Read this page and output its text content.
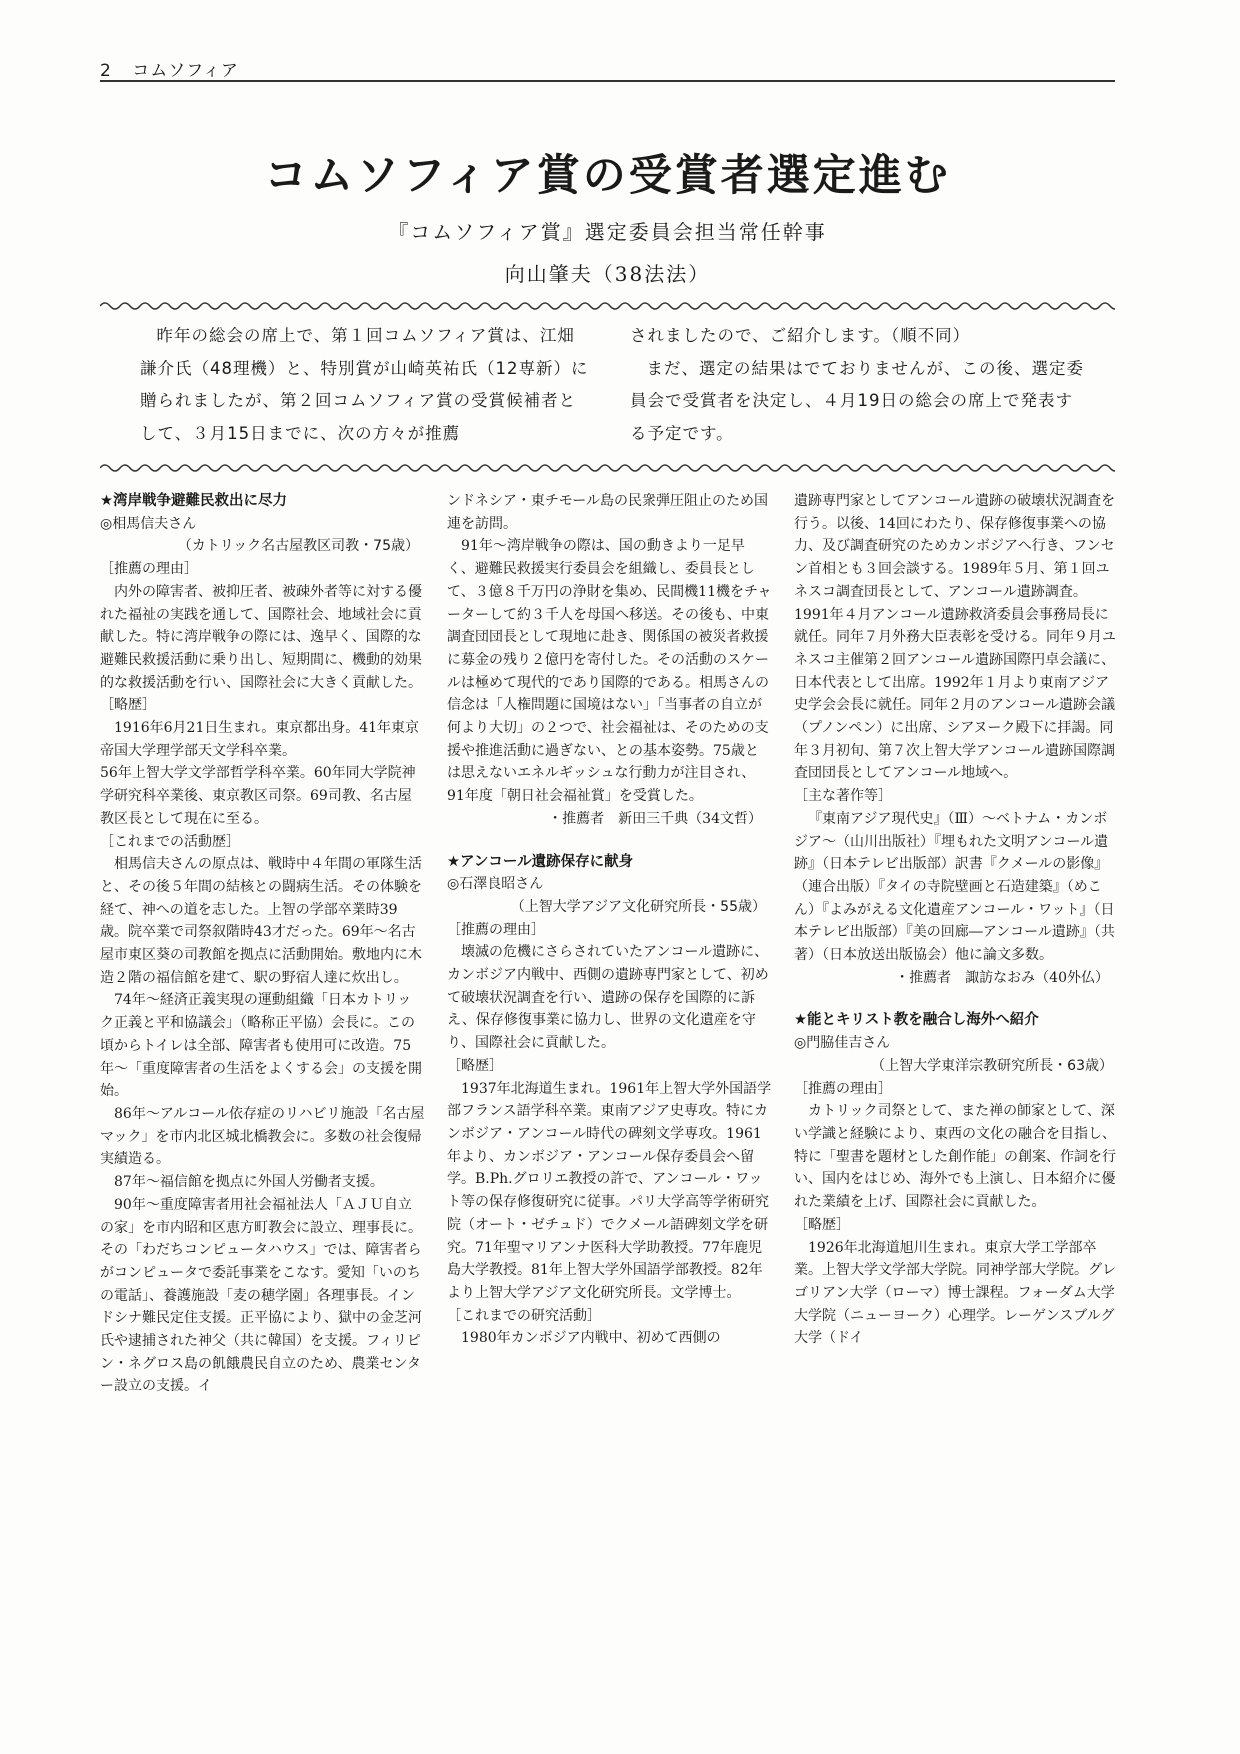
2 コムソフィア
コムソフィア賞の受賞者選定進む
『コムソフィア賞』選定委員会担当常任幹事
向山肇夫（38法法）

昨年の総会の席上で、第１回コムソフィア賞は、江畑謙介氏（48理機）と、特別賞が山崎英祐氏（12専新）に贈られましたが、第２回コムソフィア賞の受賞候補者として、３月15日までに、次の方々が推薦

されましたので、ご紹介します。（順不同）

まだ、選定の結果はでておりませんが、この後、選定委員会で受賞者を決定し、４月19日の総会の席上で発表する予定です。

★湾岸戦争避難民救出に尽力
◎相馬信夫さん
（カトリック名古屋教区司教・75歳）
［推薦の理由］

内外の障害者、被抑圧者、被疎外者等に対する優れた福祉の実践を通して、国際社会、地域社会に貢献した。特に湾岸戦争の際には、逸早く、国際的な避難民救援活動に乗り出し、短期間に、機動的効果的な救援活動を行い、国際社会に大きく貢献した。

［略歴］

1916年6月21日生まれ。東京都出身。41年東京帝国大学理学部天文学科卒業。

56年上智大学文学部哲学科卒業。60年同大学院神学研究科卒業後、東京教区司祭。69司教、名古屋教区長として現在に至る。

［これまでの活動歴］

相馬信夫さんの原点は、戦時中４年間の軍隊生活と、その後５年間の結核との闘病生活。その体験を経て、神への道を志した。上智の学部卒業時39歳。院卒業で司祭叙階時43才だった。69年～名古屋市東区葵の司教館を拠点に活動開始。敷地内に木造２階の福信館を建て、駅の野宿人達に炊出し。

74年～経済正義実現の運動組織「日本カトリック正義と平和協議会」（略称正平協）会長に。この頃からトイレは全部、障害者も使用可に改造。75年～「重度障害者の生活をよくする会」の支援を開始。

86年～アルコール依存症のリハビリ施設「名古屋マック」を市内北区城北橋教会に。多数の社会復帰実績造る。

87年～福信館を拠点に外国人労働者支援。

90年～重度障害者用社会福祉法人「ＡＪＵ自立の家」を市内昭和区恵方町教会に設立、理事長に。その「わだちコンピュータハウス」では、障害者らがコンピュータで委託事業をこなす。愛知「いのちの電話」、養護施設「麦の穂学園」各理事長。インドシナ難民定住支援。正平協により、獄中の金芝河氏や逮捕された神父（共に韓国）を支援。フィリピン・ネグロス島の飢餓農民自立のため、農業センター設立の支援。イ

ンドネシア・東チモール島の民衆弾圧阻止のため国連を訪問。

91年～湾岸戦争の際は、国の動きより一足早く、避難民救援実行委員会を組織し、委員長として、３億８千万円の浄財を集め、民間機11機をチャーターして約３千人を母国へ移送。その後も、中東調査団団長として現地に赴き、関係国の被災者救援に募金の残り２億円を寄付した。その活動のスケールは極めて現代的であり国際的である。相馬さんの信念は「人権問題に国境はない」「当事者の自立が何より大切」の２つで、社会福祉は、そのための支援や推進活動に過ぎない、との基本姿勢。75歳とは思えないエネルギッシュな行動力が注目され、91年度「朝日社会福祉賞」を受賞した。

・推薦者　新田三千典（34文哲）
★アンコール遺跡保存に献身
◎石澤良昭さん
（上智大学アジア文化研究所長・55歳）
［推薦の理由］

壊滅の危機にさらされていたアンコール遺跡に、カンボジア内戦中、西側の遺跡専門家として、初めて破壊状況調査を行い、遺跡の保存を国際的に訴え、保存修復事業に協力し、世界の文化遺産を守り、国際社会に貢献した。

［略歴］

1937年北海道生まれ。1961年上智大学外国語学部フランス語学科卒業。東南アジア史専攻。特にカンボジア・アンコール時代の碑刻文学専攻。1961年より、カンボジア・アンコール保存委員会へ留学。B.Ph.グロリエ教授の許で、アンコール・ワット等の保存修復研究に従事。パリ大学高等学術研究院（オート・ゼチュド）でクメール語碑刻文学を研究。71年聖マリアンナ医科大学助教授。77年鹿児島大学教授。81年上智大学外国語学部教授。82年より上智大学アジア文化研究所長。文学博士。

［これまでの研究活動］

1980年カンボジア内戦中、初めて西側の

遺跡専門家としてアンコール遺跡の破壊状況調査を行う。以後、14回にわたり、保存修復事業への協力、及び調査研究のためカンボジアへ行き、フンセン首相とも３回会談する。1989年５月、第１回ユネスコ調査団長として、アンコール遺跡調査。1991年４月アンコール遺跡救済委員会事務局長に就任。同年７月外務大臣表彰を受ける。同年９月ユネスコ主催第２回アンコール遺跡国際円卓会議に、日本代表として出席。1992年１月より東南アジア史学会会長に就任。同年２月のアンコール遺跡会議（プノンペン）に出席、シアヌーク殿下に拝謁。同年３月初旬、第７次上智大学アンコール遺跡国際調査団団長としてアンコール地域へ。

［主な著作等］

『東南アジア現代史』（Ⅲ）～ベトナム・カンボジア～（山川出版社）『埋もれた文明アンコール遺跡』（日本テレビ出版部）訳書『クメールの影像』（連合出版）『タイの寺院壁画と石造建築』（めこん）『よみがえる文化遺産アンコール・ワット』（日本テレビ出版部）『美の回廊―アンコール遺跡』（共著）（日本放送出版協会）他に論文多数。

・推薦者　諏訪なおみ（40外仏）
★能とキリスト教を融合し海外へ紹介
◎門脇佳吉さん
（上智大学東洋宗教研究所長・63歳）
［推薦の理由］

カトリック司祭として、また禅の師家として、深い学識と経験により、東西の文化の融合を目指し、特に「聖書を題材とした創作能」の創案、作詞を行い、国内をはじめ、海外でも上演し、日本紹介に優れた業績を上げ、国際社会に貢献した。

［略歴］

1926年北海道旭川生まれ。東京大学工学部卒業。上智大学文学部大学院。同神学部大学院。グレゴリアン大学（ローマ）博士課程。フォーダム大学大学院（ニューヨーク）心理学。レーゲンスブルグ大学（ドイ
